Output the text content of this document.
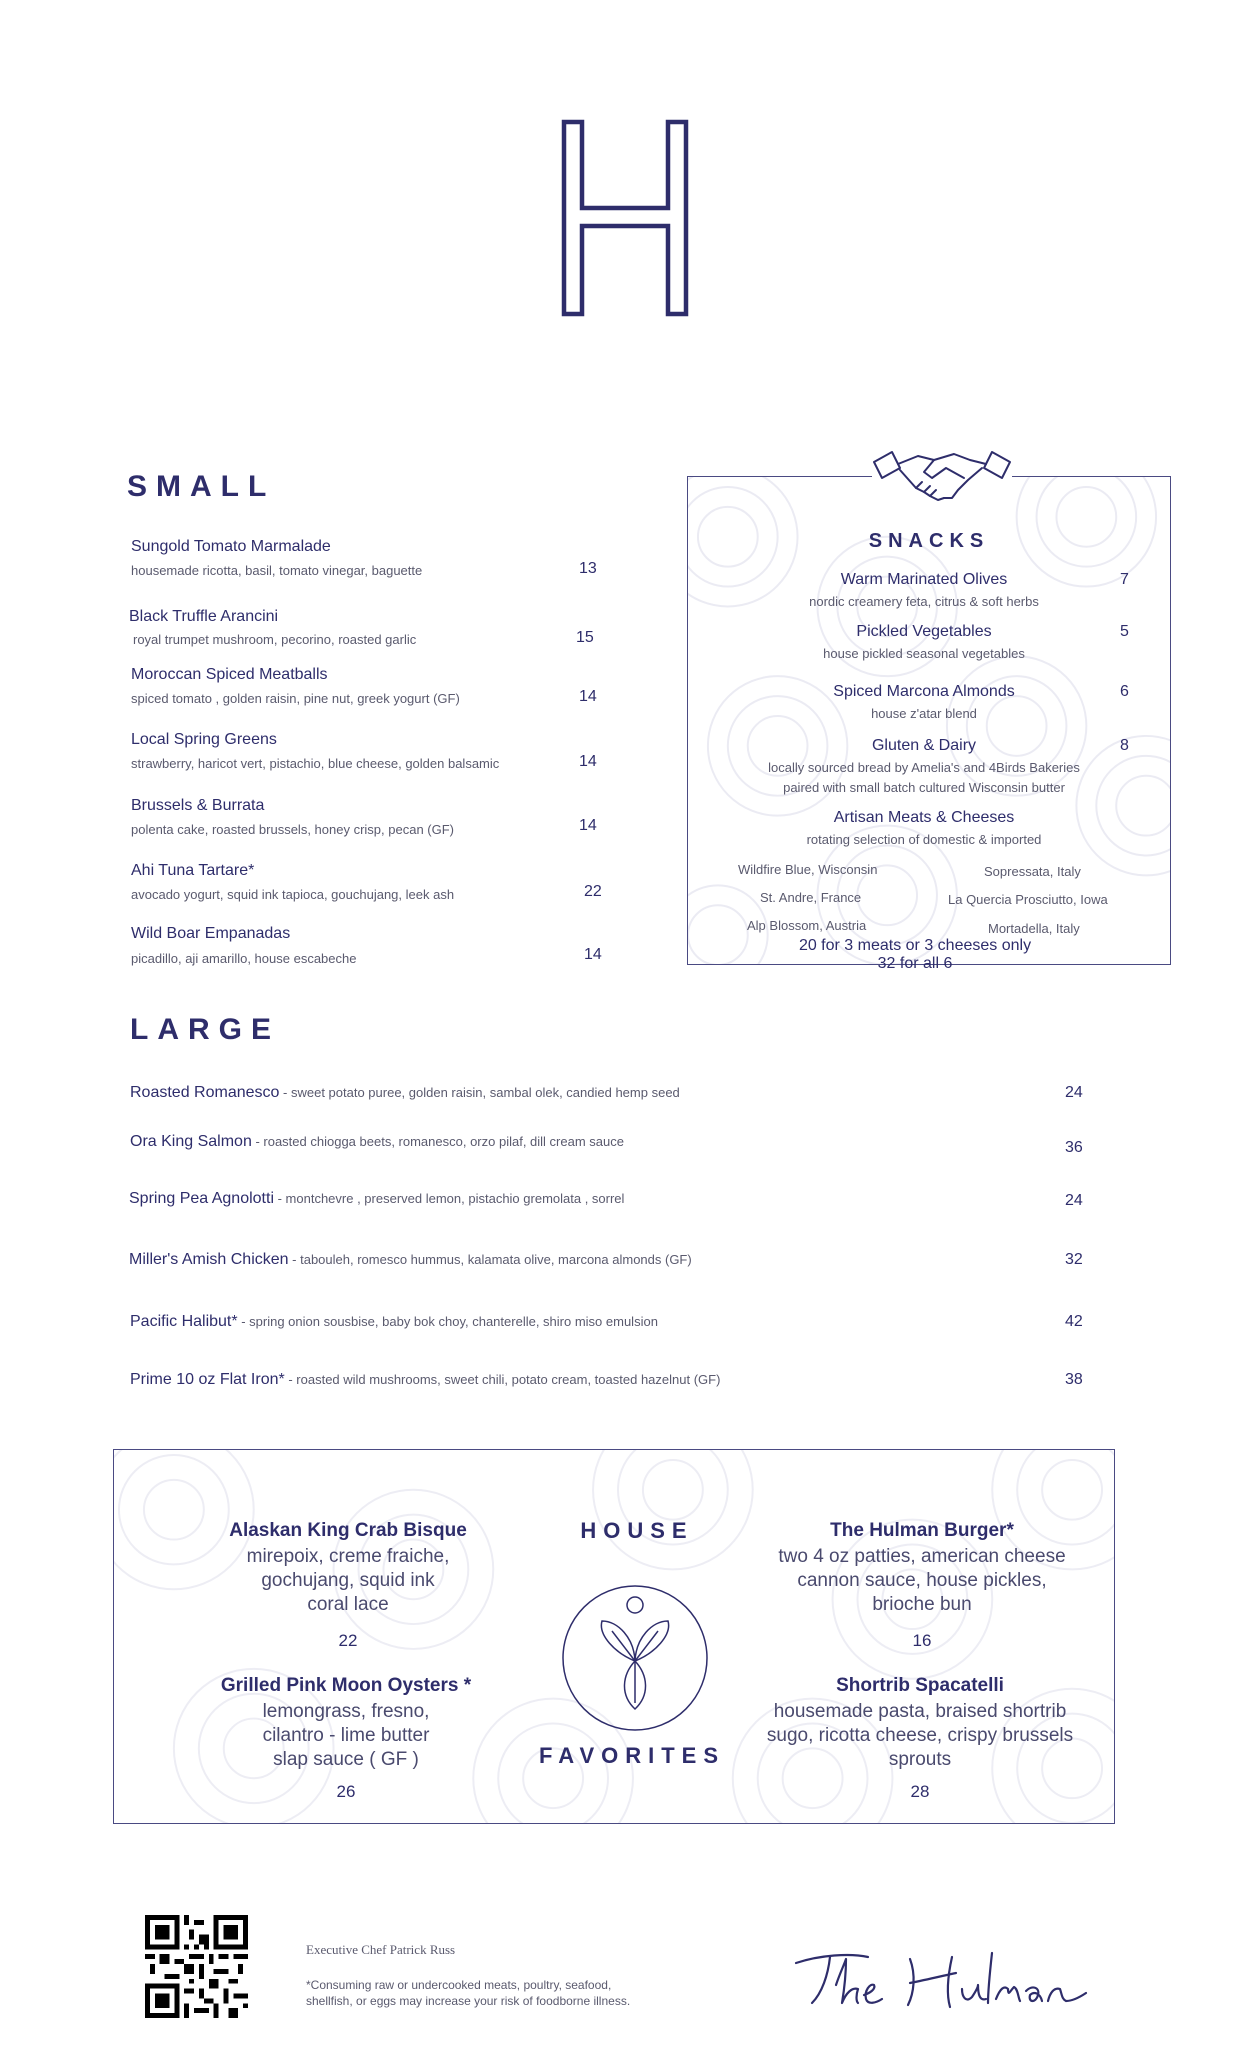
SMALL
Sungold Tomato Marmalade
housemade ricotta, basil, tomato vinegar, baguette	13
Black Truffle Arancini
royal trumpet mushroom, pecorino, roasted garlic	15
Moroccan Spiced Meatballs
spiced tomato , golden raisin, pine nut, greek yogurt (GF)	14
Local Spring Greens
strawberry, haricot vert, pistachio, blue cheese, golden balsamic	14
Brussels & Burrata
polenta cake, roasted brussels, honey crisp, pecan (GF)	14
Ahi Tuna Tartare*
avocado yogurt, squid ink tapioca, gouchujang, leek ash	22
Wild Boar Empanadas
picadillo, aji amarillo, house escabeche	14
SNACKS
Warm Marinated Olives
nordic creamery feta, citrus & soft herbs
7
Pickled Vegetables
house pickled seasonal vegetables
5
Spiced Marcona Almonds
house z'atar blend
6
Gluten & Dairy
locally sourced bread by Amelia's and 4Birds Bakeries
paired with small batch cultured Wisconsin butter
8
Artisan Meats & Cheeses
rotating selection of domestic & imported
Wildfire Blue, Wisconsin
St. Andre, France
Alp Blossom, Austria
Sopressata, Italy
La Quercia Prosciutto, Iowa
Mortadella, Italy
20 for 3 meats or 3 cheeses only
32 for all 6
LARGE
Roasted Romanesco - sweet potato puree, golden raisin, sambal olek, candied hemp seed	24
Ora King Salmon - roasted chiogga beets, romanesco, orzo pilaf, dill cream sauce	36
Spring Pea Agnolotti - montchevre , preserved lemon, pistachio gremolata , sorrel	24
Miller's Amish Chicken - tabouleh, romesco hummus, kalamata olive, marcona almonds (GF)	32
Pacific Halibut* - spring onion sousbise, baby bok choy, chanterelle, shiro miso emulsion	42
Prime 10 oz Flat Iron* - roasted wild mushrooms, sweet chili, potato cream, toasted hazelnut (GF)	38
HOUSE
FAVORITES
Alaskan King Crab Bisque
mirepoix, creme fraiche,
gochujang, squid ink
coral lace
22
The Hulman Burger*
two 4 oz patties, american cheese
cannon sauce, house pickles,
brioche bun
16
Grilled Pink Moon Oysters *
lemongrass, fresno,
cilantro - lime butter
slap sauce ( GF )
26
Shortrib Spacatelli
housemade pasta, braised shortrib
sugo, ricotta cheese, crispy brussels
sprouts
28
Executive Chef Patrick Russ
*Consuming raw or undercooked meats, poultry, seafood,
shellfish, or eggs may increase your risk of foodborne illness.
